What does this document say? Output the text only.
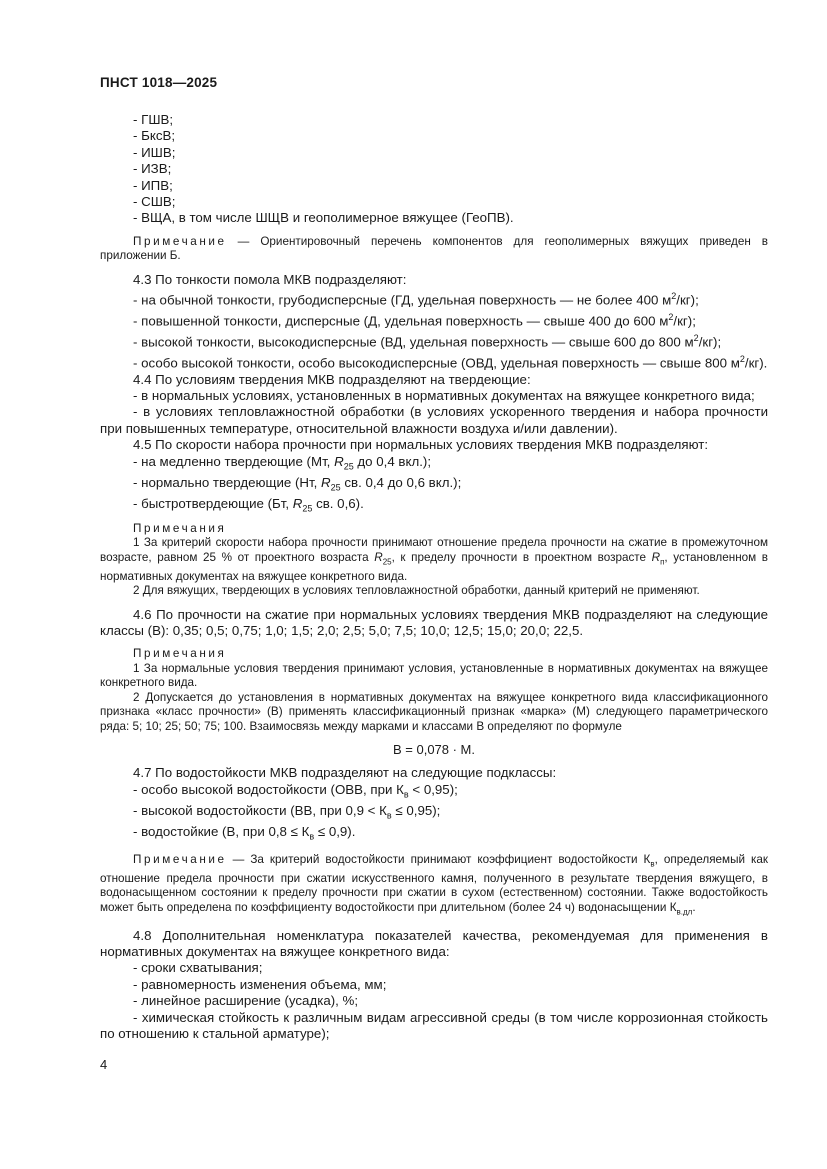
ПНСТ 1018—2025
- ГШВ;
- БксВ;
- ИШВ;
- ИЗВ;
- ИПВ;
- СШВ;
- ВЩА, в том числе ШЩВ и геополимерное вяжущее (ГеоПВ).
Примечание — Ориентировочный перечень компонентов для геополимерных вяжущих приведен в приложении Б.
4.3 По тонкости помола МКВ подразделяют:
- на обычной тонкости, грубодисперсные (ГД, удельная поверхность — не более 400 $м^2/кг$);
- повышенной тонкости, дисперсные (Д, удельная поверхность — свыше 400 до 600 $м^2/кг$);
- высокой тонкости, высокодисперсные (ВД, удельная поверхность — свыше 600 до 800 $м^2/кг$);
- особо высокой тонкости, особо высокодисперсные (ОВД, удельная поверхность — свыше 800 $м^2/кг$).
4.4 По условиям твердения МКВ подразделяют на твердеющие:
- в нормальных условиях, установленных в нормативных документах на вяжущее конкретного вида;
- в условиях тепловлажностной обработки (в условиях ускоренного твердения и набора прочности при повышенных температуре, относительной влажности воздуха и/или давлении).
4.5 По скорости набора прочности при нормальных условиях твердения МКВ подразделяют:
- на медленно твердеющие (Мт, $R_{25}$ до 0,4 вкл.);
- нормально твердеющие (Нт, $R_{25}$ св. 0,4 до 0,6 вкл.);
- быстротвердеющие (Бт, $R_{25}$ св. 0,6).
Примечания
1 За критерий скорости набора прочности принимают отношение предела прочности на сжатие в промежуточном возрасте, равном 25 % от проектного возраста $R_{25}$, к пределу прочности в проектном возрасте $R_п$, установленном в нормативных документах на вяжущее конкретного вида.
2 Для вяжущих, твердеющих в условиях тепловлажностной обработки, данный критерий не применяют.
4.6 По прочности на сжатие при нормальных условиях твердения МКВ подразделяют на следующие классы (В): 0,35; 0,5; 0,75; 1,0; 1,5; 2,0; 2,5; 5,0; 7,5; 10,0; 12,5; 15,0; 20,0; 22,5.
Примечания
1 За нормальные условия твердения принимают условия, установленные в нормативных документах на вяжущее конкретного вида.
2 Допускается до установления в нормативных документах на вяжущее конкретного вида классификационного признака «класс прочности» (В) применять классификационный признак «марка» (М) следующего параметрического ряда: 5; 10; 25; 50; 75; 100. Взаимосвязь между марками и классами В определяют по формуле
В = 0,078 · М.
4.7 По водостойкости МКВ подразделяют на следующие подклассы:
- особо высокой водостойкости (ОВВ, при $К_в < 0,95$);
- высокой водостойкости (ВВ, при $0,9 < К_в \le 0,95$);
- водостойкие (В, при $0,8 \le К_в \le 0,9$).
Примечание — За критерий водостойкости принимают коэффициент водостойкости $К_в$, определяемый как отношение предела прочности при сжатии искусственного камня, полученного в результате твердения вяжущего, в водонасыщенном состоянии к пределу прочности при сжатии в сухом (естественном) состоянии. Также водостойкость может быть определена по коэффициенту водостойкости при длительном (более 24 ч) водонасыщении $К_{в.дл}$.
4.8 Дополнительная номенклатура показателей качества, рекомендуемая для применения в нормативных документах на вяжущее конкретного вида:
- сроки схватывания;
- равномерность изменения объема, мм;
- линейное расширение (усадка), %;
- химическая стойкость к различным видам агрессивной среды (в том числе коррозионная стойкость по отношению к стальной арматуре);
4
